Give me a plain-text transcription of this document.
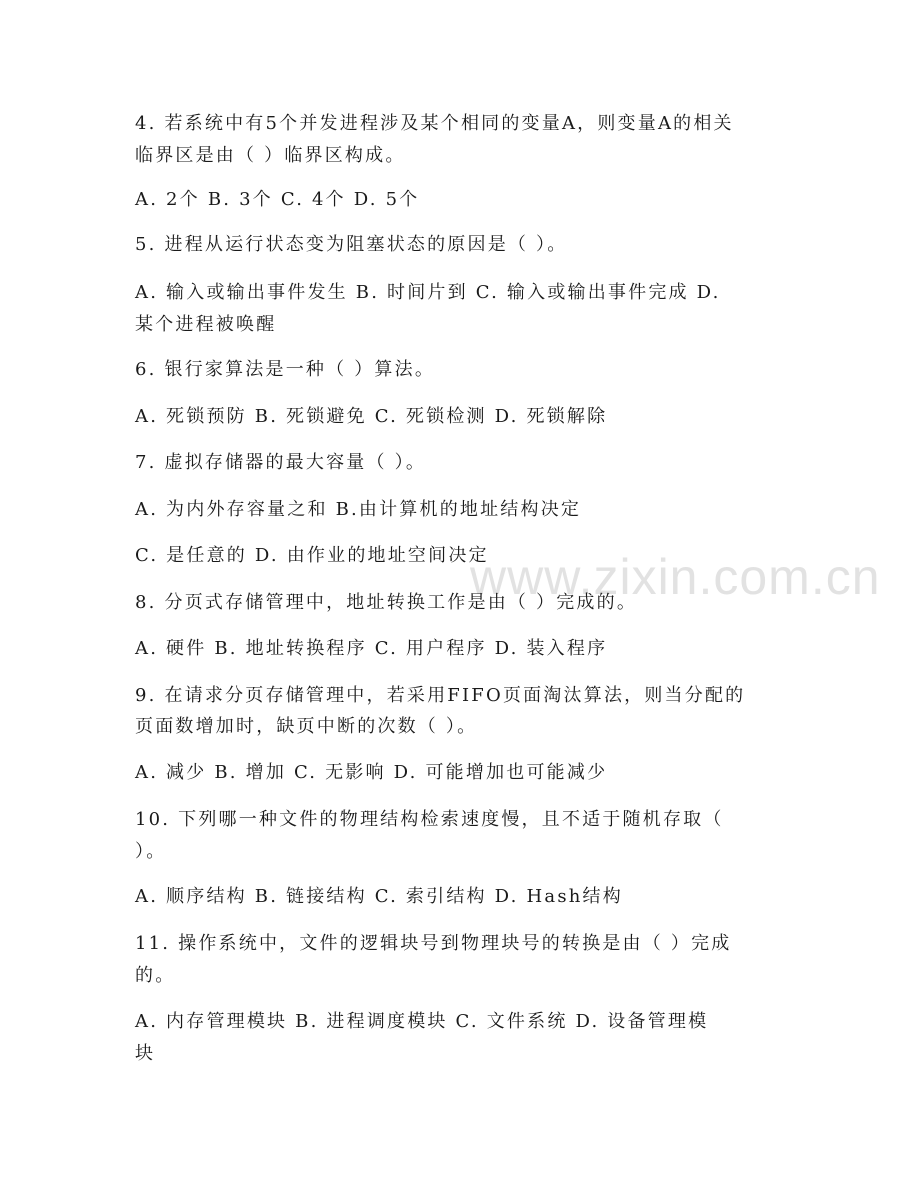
www.zixin.com.cn
4. 若系统中有5个并发进程涉及某个相同的变量A，则变量A的相关
临界区是由（ ）临界区构成。
A. 2个 B. 3个 C. 4个 D. 5个
5. 进程从运行状态变为阻塞状态的原因是（ ）。
A. 输入或输出事件发生 B. 时间片到 C. 输入或输出事件完成 D.
某个进程被唤醒
6. 银行家算法是一种（ ）算法。
A. 死锁预防 B. 死锁避免 C. 死锁检测 D. 死锁解除
7. 虚拟存储器的最大容量（ ）。
A. 为内外存容量之和 B.由计算机的地址结构决定
C. 是任意的 D. 由作业的地址空间决定
8. 分页式存储管理中，地址转换工作是由（ ）完成的。
A. 硬件 B. 地址转换程序 C. 用户程序 D. 装入程序
9. 在请求分页存储管理中，若采用FIFO页面淘汰算法，则当分配的
页面数增加时，缺页中断的次数（ ）。
A. 减少 B. 增加 C. 无影响 D. 可能增加也可能减少
10. 下列哪一种文件的物理结构检索速度慢，且不适于随机存取（
）。
A. 顺序结构 B. 链接结构 C. 索引结构 D. Hash结构
11. 操作系统中，文件的逻辑块号到物理块号的转换是由（ ）完成
的。
A. 内存管理模块 B. 进程调度模块 C. 文件系统 D. 设备管理模
块
